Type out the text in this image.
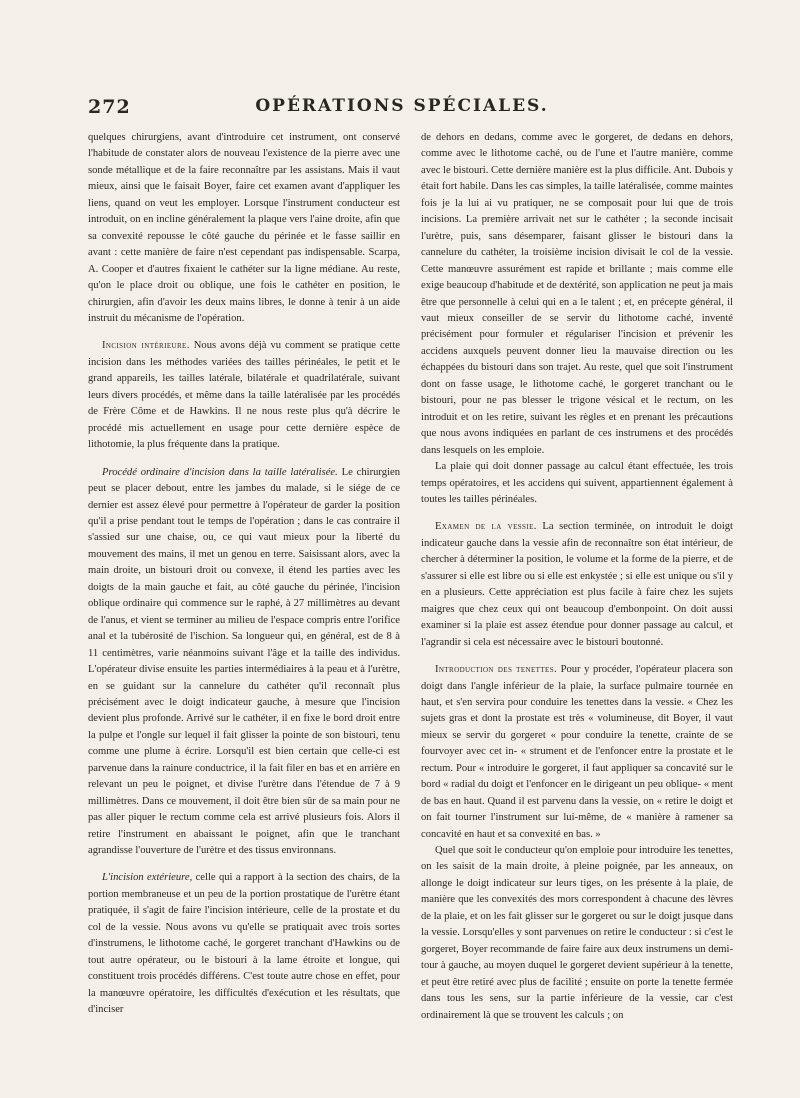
272	OPÉRATIONS SPÉCIALES.

quelques chirurgiens, avant d'introduire cet instrument, ont conservé l'habitude de constater alors de nouveau l'existence de la pierre avec une sonde métallique et de la faire reconnaître par les assistans. Mais il vaut mieux, ainsi que le faisait Boyer, faire cet examen avant d'appliquer les liens, quand on veut les employer. Lorsque l'instrument conducteur est introduit, on en incline généralement la plaque vers l'aine droite, afin que sa convexité repousse le côté gauche du périnée et le fasse saillir en avant : cette manière de faire n'est cependant pas indispensable. Scarpa, A. Cooper et d'autres fixaient le cathéter sur la ligne médiane. Au reste, qu'on le place droit ou oblique, une fois le cathéter en position, le chirurgien, afin d'avoir les deux mains libres, le donne à tenir à un aide instruit du mécanisme de l'opération.

Incision intérieure. Nous avons déjà vu comment se pratique cette incision dans les méthodes variées des tailles périnéales, le petit et le grand appareils, les tailles latérale, bilatérale et quadrilatérale, suivant leurs divers procédés, et même dans la taille latéralisée par les procédés de Frère Côme et de Hawkins. Il ne nous reste plus qu'à décrire le procédé mis actuellement en usage pour cette dernière espèce de lithotomie, la plus fréquente dans la pratique.

Procédé ordinaire d'incision dans la taille latéralisée. Le chirurgien peut se placer debout, entre les jambes du malade, si le siége de ce dernier est assez élevé pour permettre à l'opérateur de garder la position qu'il a prise pendant tout le temps de l'opération ; dans le cas contraire il s'assied sur une chaise, ou, ce qui vaut mieux pour la liberté du mouvement des mains, il met un genou en terre. Saisissant alors, avec la main droite, un bistouri droit ou convexe, il étend les parties avec les doigts de la main gauche et fait, au côté gauche du périnée, l'incision oblique ordinaire qui commence sur le raphé, à 27 millimètres au devant de l'anus, et vient se terminer au milieu de l'espace compris entre l'orifice anal et la tubérosité de l'ischion. Sa longueur qui, en général, est de 8 à 11 centimètres, varie néanmoins suivant l'âge et la taille des individus. L'opérateur divise ensuite les parties intermédiaires à la peau et à l'urètre, en se guidant sur la cannelure du cathéter qu'il reconnaît plus précisément avec le doigt indicateur gauche, à mesure que l'incision devient plus profonde. Arrivé sur le cathéter, il en fixe le bord droit entre la pulpe et l'ongle sur lequel il fait glisser la pointe de son bistouri, tenu comme une plume à écrire. Lorsqu'il est bien certain que celle-ci est parvenue dans la rainure conductrice, il la fait filer en bas et en arrière en relevant un peu le poignet, et divise l'urètre dans l'étendue de 7 à 9 millimètres. Dans ce mouvement, il doit être bien sûr de sa main pour ne pas aller piquer le rectum comme cela est arrivé plusieurs fois. Alors il retire l'instrument en abaissant le poignet, afin que le tranchant agrandisse l'ouverture de l'urètre et des tissus environnans.

L'incision extérieure, celle qui a rapport à la section des chairs, de la portion membraneuse et un peu de la portion prostatique de l'urètre étant pratiquée, il s'agit de faire l'incision intérieure, celle de la prostate et du col de la vessie. Nous avons vu qu'elle se pratiquait avec trois sortes d'instrumens, le lithotome caché, le gorgeret tranchant d'Hawkins ou de tout autre opérateur, ou le bistouri à la lame étroite et longue, qui constituent trois procédés différens. C'est toute autre chose en effet, pour la manœuvre opératoire, les difficultés d'exécution et les résultats, que d'inciser

de dehors en dedans, comme avec le gorgeret, de dedans en dehors, comme avec le lithotome caché, ou de l'une et l'autre manière, comme avec le bistouri. Cette dernière manière est la plus difficile. Ant. Dubois y était fort habile. Dans les cas simples, la taille latéralisée, comme maintes fois je la lui ai vu pratiquer, ne se composait pour lui que de trois incisions. La première arrivait net sur le cathéter ; la seconde incisait l'urètre, puis, sans désemparer, faisant glisser le bistouri dans la cannelure du cathéter, la troisième incision divisait le col de la vessie. Cette manœuvre assurément est rapide et brillante ; mais comme elle exige beaucoup d'habitude et de dextérité, son application ne peut ja mais être que personnelle à celui qui en a le talent ; et, en précepte général, il vaut mieux conseiller de se servir du lithotome caché, inventé précisément pour formuler et régulariser l'incision et prévenir les accidens auxquels peuvent donner lieu la mauvaise direction ou les échappées du bistouri dans son trajet. Au reste, quel que soit l'instrument dont on fasse usage, le lithotome caché, le gorgeret tranchant ou le bistouri, pour ne pas blesser le trigone vésical et le rectum, on les introduit et on les retire, suivant les règles et en prenant les précautions que nous avons indiquées en parlant de ces instrumens et des procédés dans lesquels on les emploie.

La plaie qui doit donner passage au calcul étant effectuée, les trois temps opératoires, et les accidens qui suivent, appartiennent également à toutes les tailles périnéales.

Examen de la vessie. La section terminée, on introduit le doigt indicateur gauche dans la vessie afin de reconnaître son état intérieur, de chercher à déterminer la position, le volume et la forme de la pierre, et de s'assurer si elle est libre ou si elle est enkystée ; si elle est unique ou s'il y en a plusieurs. Cette appréciation est plus facile à faire chez les sujets maigres que chez ceux qui ont beaucoup d'embonpoint. On doit aussi examiner si la plaie est assez étendue pour donner passage au calcul, et l'agrandir si cela est nécessaire avec le bistouri boutonné.

Introduction des tenettes. Pour y procéder, l'opérateur placera son doigt dans l'angle inférieur de la plaie, la surface pulmaire tournée en haut, et s'en servira pour conduire les tenettes dans la vessie. « Chez les sujets gras et dont la prostate est très « volumineuse, dit Boyer, il vaut mieux se servir du gorgeret « pour conduire la tenette, crainte de se fourvoyer avec cet in- « strument et de l'enfoncer entre la prostate et le rectum. Pour « introduire le gorgeret, il faut appliquer sa concavité sur le bord « radial du doigt et l'enfoncer en le dirigeant un peu oblique- « ment de bas en haut. Quand il est parvenu dans la vessie, on « retire le doigt et on fait tourner l'instrument sur lui-même, de « manière à ramener sa concavité en haut et sa convexité en bas. »

Quel que soit le conducteur qu'on emploie pour introduire les tenettes, on les saisit de la main droite, à pleine poignée, par les anneaux, on allonge le doigt indicateur sur leurs tiges, on les présente à la plaie, de manière que les convexités des mors correspondent à chacune des lèvres de la plaie, et on les fait glisser sur le gorgeret ou sur le doigt jusque dans la vessie. Lorsqu'elles y sont parvenues on retire le conducteur : si c'est le gorgeret, Boyer recommande de faire faire aux deux instrumens un demi-tour à gauche, au moyen duquel le gorgeret devient supérieur à la tenette, et peut être retiré avec plus de facilité ; ensuite on porte la tenette fermée dans tous les sens, sur la partie inférieure de la vessie, car c'est ordinairement là que se trouvent les calculs ; on
